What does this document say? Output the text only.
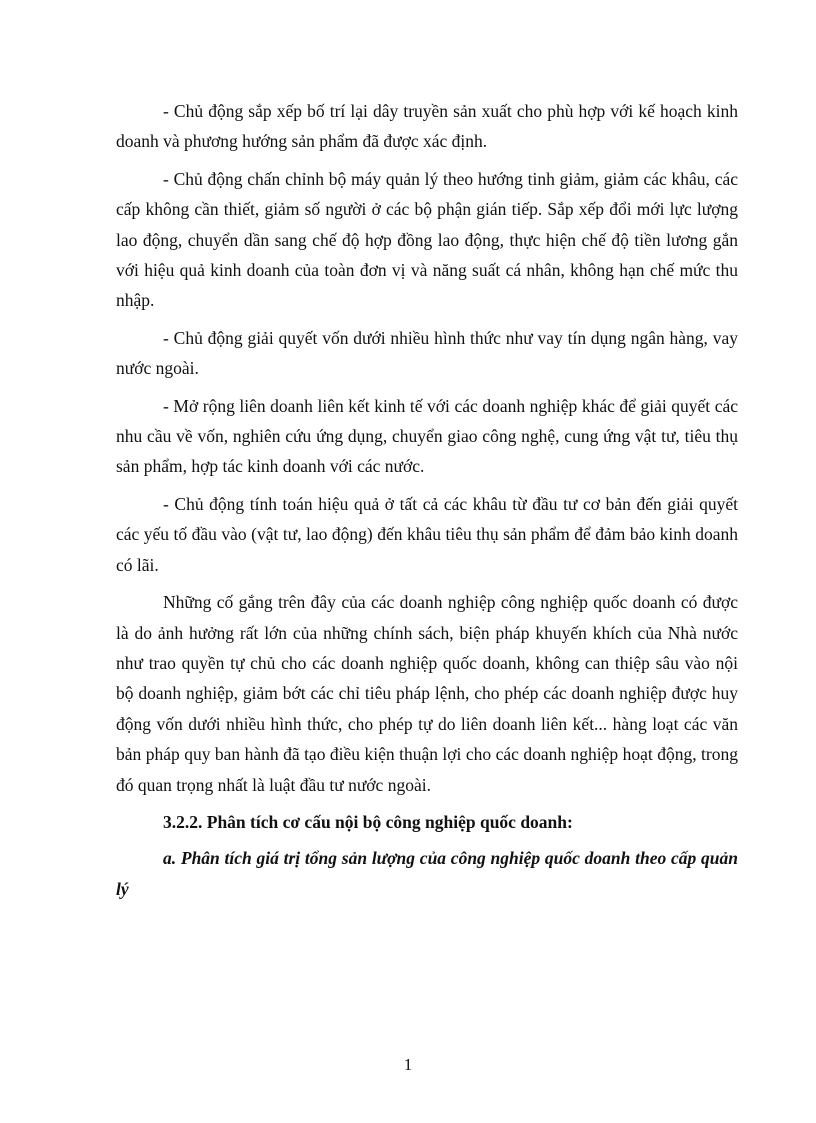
- Chủ động sắp xếp bố trí lại dây truyền sản xuất cho phù hợp với kế hoạch kinh doanh và phương hướng sản phẩm đã được xác định.

- Chủ động chấn chỉnh bộ máy quản lý theo hướng tinh giảm, giảm các khâu, các cấp không cần thiết, giảm số người ở các bộ phận gián tiếp. Sắp xếp đổi mới lực lượng lao động, chuyển dần sang chế độ hợp đồng lao động, thực hiện chế độ tiền lương gắn với hiệu quả kinh doanh của toàn đơn vị và năng suất cá nhân, không hạn chế mức thu nhập.

- Chủ động giải quyết vốn dưới nhiều hình thức như vay tín dụng ngân hàng, vay nước ngoài.

- Mở rộng liên doanh liên kết kinh tế với các doanh nghiệp khác để giải quyết các nhu cầu về vốn, nghiên cứu ứng dụng, chuyển giao công nghệ, cung ứng vật tư, tiêu thụ sản phẩm, hợp tác kinh doanh với các nước.

- Chủ động tính toán hiệu quả ở tất cả các khâu từ đầu tư cơ bản đến giải quyết các yếu tố đầu vào (vật tư, lao động) đến khâu tiêu thụ sản phẩm để đảm bảo kinh doanh có lãi.

Những cố gắng trên đây của các doanh nghiệp công nghiệp quốc doanh có được là do ảnh hưởng rất lớn của những chính sách, biện pháp khuyến khích của Nhà nước như trao quyền tự chủ cho các doanh nghiệp quốc doanh, không can thiệp sâu vào nội bộ doanh nghiệp, giảm bớt các chỉ tiêu pháp lệnh, cho phép các doanh nghiệp được huy động vốn dưới nhiều hình thức, cho phép tự do liên doanh liên kết... hàng loạt các văn bản pháp quy ban hành đã tạo điều kiện thuận lợi cho các doanh nghiệp hoạt động, trong đó quan trọng nhất là luật đầu tư nước ngoài.

3.2.2. Phân tích cơ cấu nội bộ công nghiệp quốc doanh:

a. Phân tích giá trị tổng sản lượng của công nghiệp quốc doanh theo cấp quản lý

1
